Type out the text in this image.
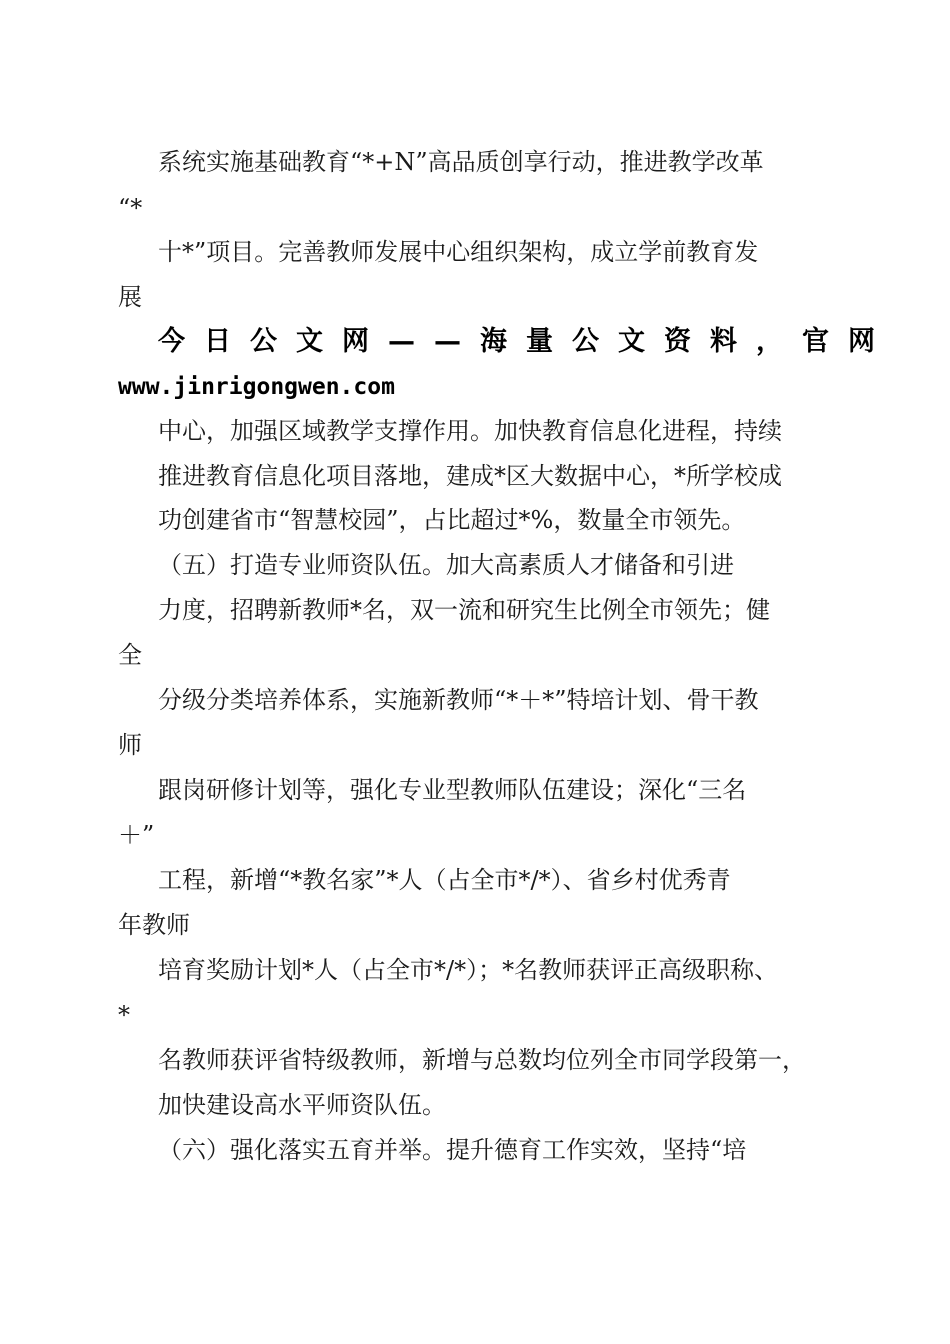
系统实施基础教育“*+N”高品质创享行动，推进教学改革

“*

十*”项目。完善教师发展中心组织架构，成立学前教育发

展

今日公文网——海量公文资料，官网

www.jinrigongwen.com

中心，加强区域教学支撑作用。加快教育信息化进程，持续

推进教育信息化项目落地，建成*区大数据中心，*所学校成

功创建省市“智慧校园”，占比超过*%，数量全市领先。

（五）打造专业师资队伍。加大高素质人才储备和引进

力度，招聘新教师*名，双一流和研究生比例全市领先；健

全

分级分类培养体系，实施新教师“*＋*”特培计划、骨干教

师

跟岗研修计划等，强化专业型教师队伍建设；深化“三名

＋”

工程，新增“*教名家”*人（占全市*/*）、省乡村优秀青

年教师

培育奖励计划*人（占全市*/*）；*名教师获评正高级职称、

*

名教师获评省特级教师，新增与总数均位列全市同学段第一，

加快建设高水平师资队伍。

（六）强化落实五育并举。提升德育工作实效，坚持“培
